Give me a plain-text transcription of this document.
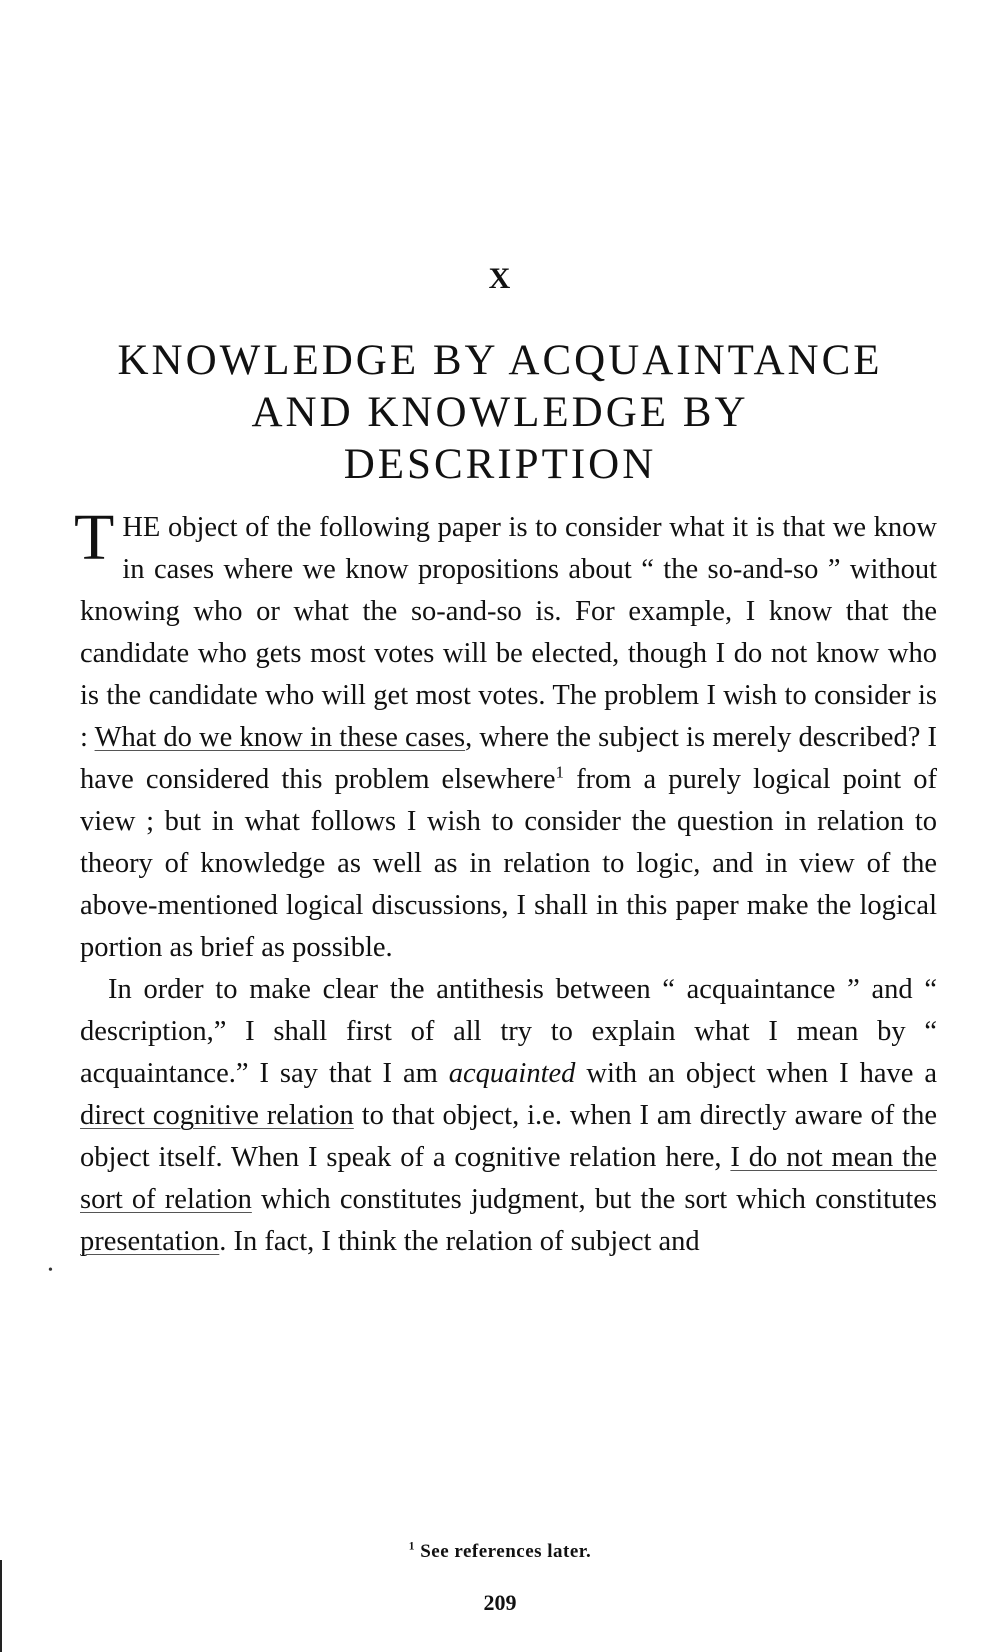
X
KNOWLEDGE BY ACQUAINTANCE
AND KNOWLEDGE BY
DESCRIPTION

THE object of the following paper is to consider what it is that we know in cases where we know propositions about “ the so-and-so ” without knowing who or what the so-and-so is. For example, I know that the candidate who gets most votes will be elected, though I do not know who is the candidate who will get most votes. The problem I wish to consider is : What do we know in these cases, where the subject is merely described? I have considered this problem elsewhere$^1$ from a purely logical point of view ; but in what follows I wish to consider the question in relation to theory of knowledge as well as in relation to logic, and in view of the above-mentioned logical discussions, I shall in this paper make the logical portion as brief as possible.

In order to make clear the antithesis between “ acquaintance ” and “ description,” I shall first of all try to explain what I mean by “ acquaintance.” I say that I am acquainted with an object when I have a direct cognitive relation to that object, i.e. when I am directly aware of the object itself. When I speak of a cognitive relation here, I do not mean the sort of relation which constitutes judgment, but the sort which constitutes presentation. In fact, I think the relation of subject and

•
$^1$ See references later.
209
